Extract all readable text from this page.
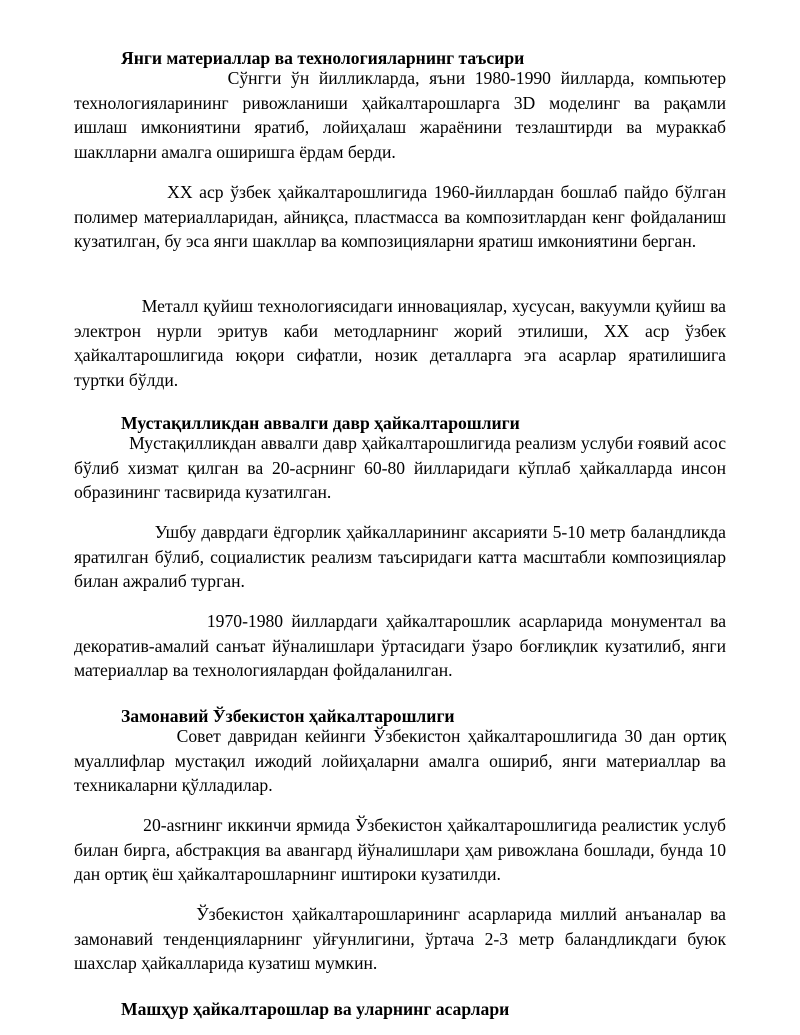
Янги материаллар ва технологияларнинг таъсири

Сўнгги ўн йилликларда, яъни 1980-1990 йилларда, компьютер технологияларининг ривожланиши ҳайкалтарошларга 3D моделинг ва рақамли ишлаш имкониятини яратиб, лойиҳалаш жараёнини тезлаштирди ва мураккаб шаклларни амалга оширишга ёрдам берди.

ХХ аср ўзбек ҳайкалтарошлигида 1960-йиллардан бошлаб пайдо бўлган полимер материалларидан, айниқса, пластмасса ва композитлардан кенг фойдаланиш кузатилган, бу эса янги шакллар ва композицияларни яратиш имкониятини берган.

Металл қуйиш технологиясидаги инновациялар, хусусан, вакуумли қуйиш ва электрон нурли эритув каби методларнинг жорий этилиши, ХХ аср ўзбек ҳайкалтарошлигида юқори сифатли, нозик деталларга эга асарлар яратилишига туртки бўлди.

Мустақилликдан аввалги давр ҳайкалтарошлиги

Мустақилликдан аввалги давр ҳайкалтарошлигида реализм услуби ғоявий асос бўлиб хизмат қилган ва 20-асрнинг 60-80 йилларидаги кўплаб ҳайкалларда инсон образининг тасвирида кузатилган.

Ушбу даврдаги ёдгорлик ҳайкалларининг аксарияти 5-10 метр баландликда яратилган бўлиб, социалистик реализм таъсиридаги катта масштабли композициялар билан ажралиб турган.

1970-1980 йиллардаги ҳайкалтарошлик асарларида монументал ва декоратив-амалий санъат йўналишлари ўртасидаги ўзаро боғлиқлик кузатилиб, янги материаллар ва технологиялардан фойдаланилган.

Замонавий Ўзбекистон ҳайкалтарошлиги

Совет давридан кейинги Ўзбекистон ҳайкалтарошлигида 30 дан ортиқ муаллифлар мустақил ижодий лойиҳаларни амалга ошириб, янги материаллар ва техникаларни қўлладилар.

20-asrнинг иккинчи ярмида Ўзбекистон ҳайкалтарошлигида реалистик услуб билан бирга, абстракция ва авангард йўналишлари ҳам ривожлана бошлади, бунда 10 дан ортиқ ёш ҳайкалтарошларнинг иштироки кузатилди.

Ўзбекистон ҳайкалтарошларининг асарларида миллий анъаналар ва замонавий тенденцияларнинг уйғунлигини, ўртача 2-3 метр баландликдаги буюк шахслар ҳайкалларида кузатиш мумкин.

Машҳур ҳайкалтарошлар ва уларнинг асарлари
